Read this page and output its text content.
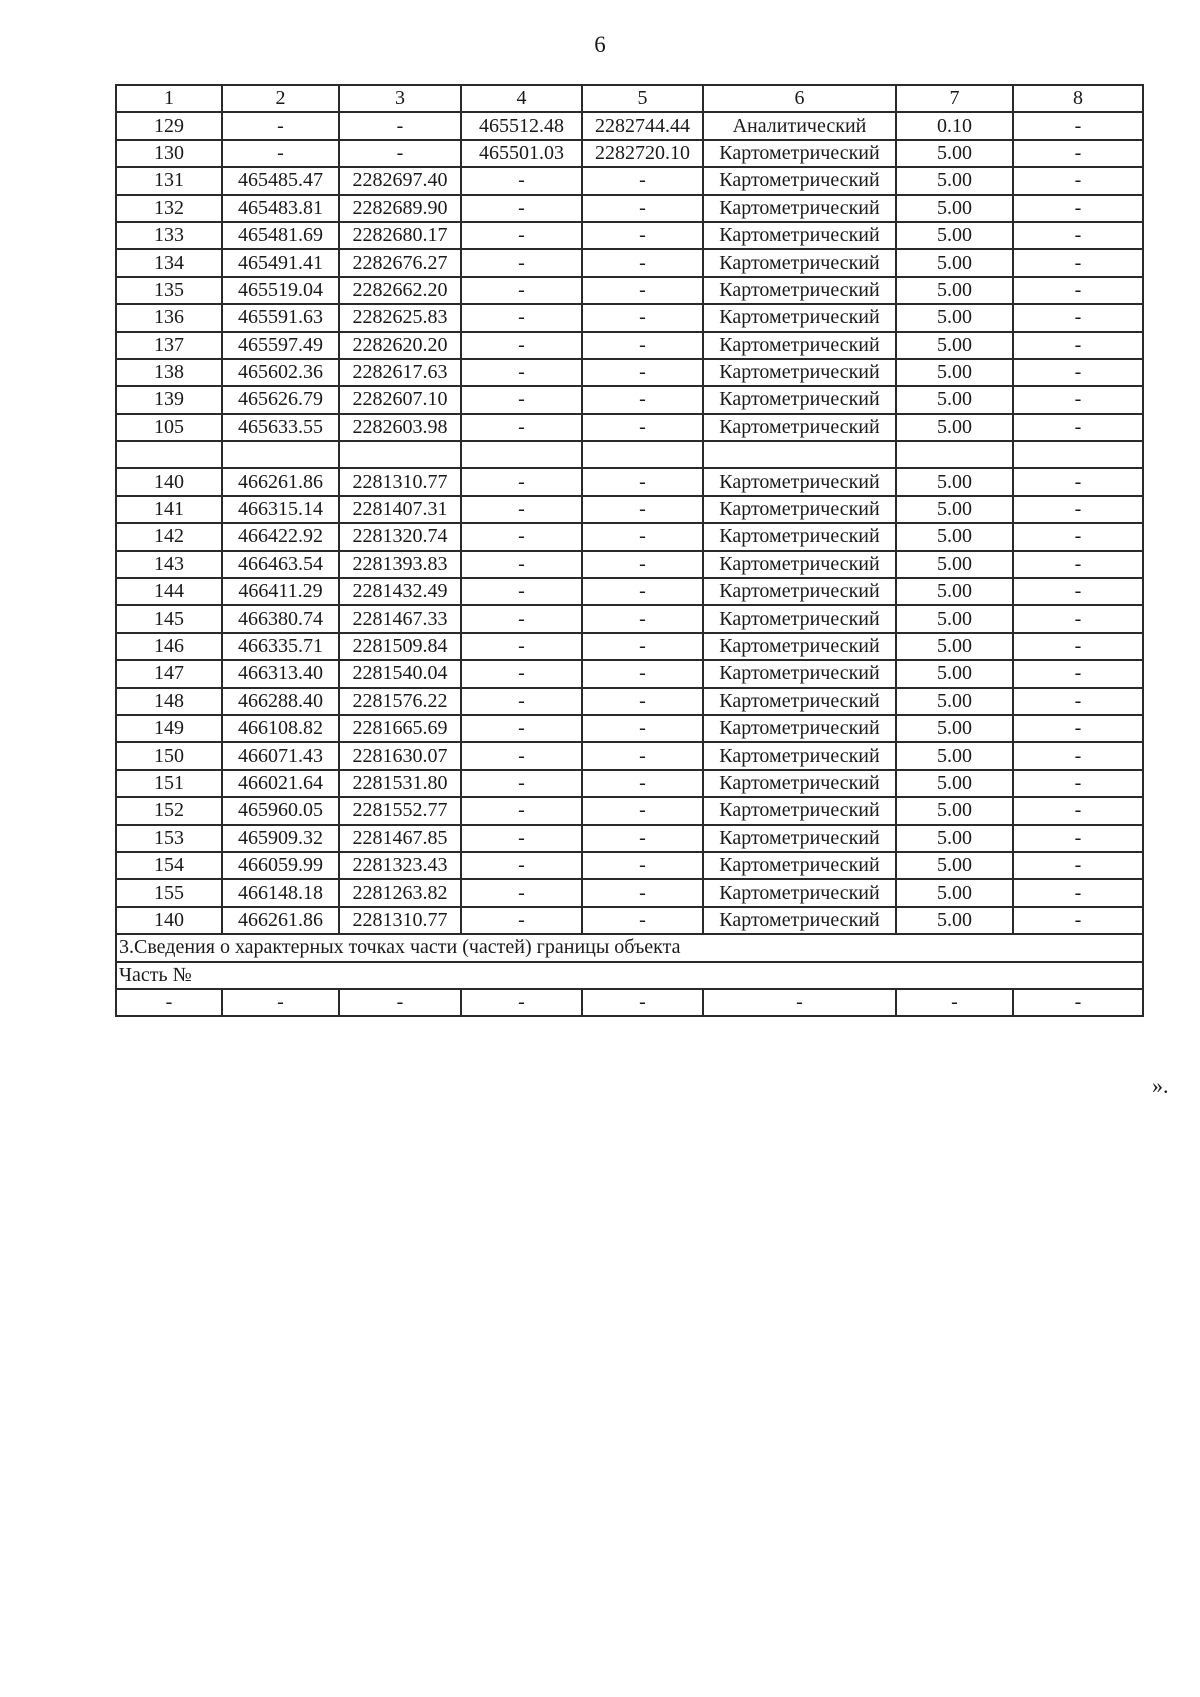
6
1	2	3	4	5	6	7	8
129	-	-	465512.48	2282744.44	Аналитический	0.10	-
130	-	-	465501.03	2282720.10	Картометрический	5.00	-
131	465485.47	2282697.40	-	-	Картометрический	5.00	-
132	465483.81	2282689.90	-	-	Картометрический	5.00	-
133	465481.69	2282680.17	-	-	Картометрический	5.00	-
134	465491.41	2282676.27	-	-	Картометрический	5.00	-
135	465519.04	2282662.20	-	-	Картометрический	5.00	-
136	465591.63	2282625.83	-	-	Картометрический	5.00	-
137	465597.49	2282620.20	-	-	Картометрический	5.00	-
138	465602.36	2282617.63	-	-	Картометрический	5.00	-
139	465626.79	2282607.10	-	-	Картометрический	5.00	-
105	465633.55	2282603.98	-	-	Картометрический	5.00	-

140	466261.86	2281310.77	-	-	Картометрический	5.00	-
141	466315.14	2281407.31	-	-	Картометрический	5.00	-
142	466422.92	2281320.74	-	-	Картометрический	5.00	-
143	466463.54	2281393.83	-	-	Картометрический	5.00	-
144	466411.29	2281432.49	-	-	Картометрический	5.00	-
145	466380.74	2281467.33	-	-	Картометрический	5.00	-
146	466335.71	2281509.84	-	-	Картометрический	5.00	-
147	466313.40	2281540.04	-	-	Картометрический	5.00	-
148	466288.40	2281576.22	-	-	Картометрический	5.00	-
149	466108.82	2281665.69	-	-	Картометрический	5.00	-
150	466071.43	2281630.07	-	-	Картометрический	5.00	-
151	466021.64	2281531.80	-	-	Картометрический	5.00	-
152	465960.05	2281552.77	-	-	Картометрический	5.00	-
153	465909.32	2281467.85	-	-	Картометрический	5.00	-
154	466059.99	2281323.43	-	-	Картометрический	5.00	-
155	466148.18	2281263.82	-	-	Картометрический	5.00	-
140	466261.86	2281310.77	-	-	Картометрический	5.00	-
3.Сведения о характерных точках части (частей) границы объекта							
Часть №							
-	-	-	-	-	-	-	-
».
